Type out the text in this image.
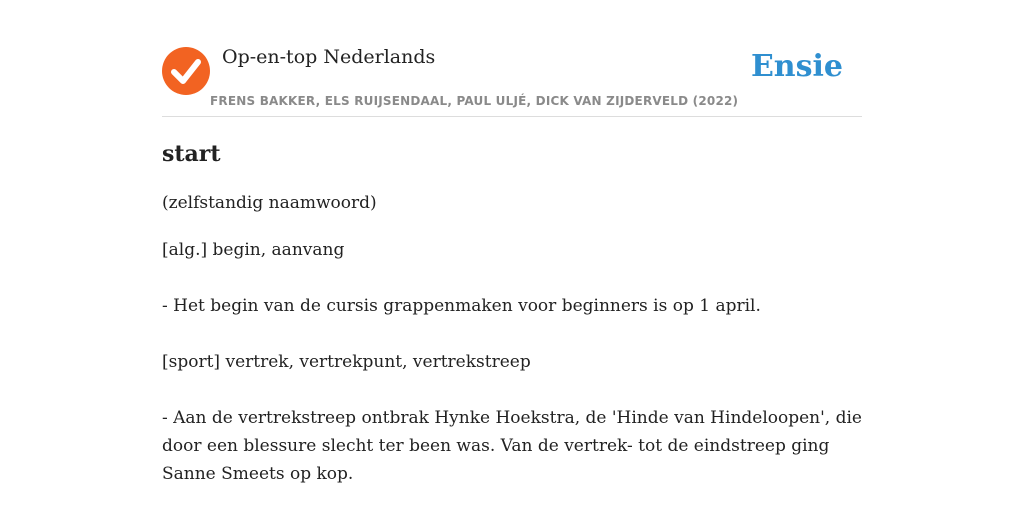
Op-en-top Nederlands
FRENS BAKKER, ELS RUIJSENDAAL, PAUL ULJÉ, DICK VAN ZIJDERVELD (2022)
Ensie
start

(zelfstandig naamwoord)

[alg.] begin, aanvang

- Het begin van de cursis grappenmaken voor beginners is op 1 april.

[sport] vertrek, vertrekpunt, vertrekstreep

- Aan de vertrekstreep ontbrak Hynke Hoekstra, de 'Hinde van Hindeloopen', die door een blessure slecht ter been was. Van de vertrek- tot de eindstreep ging Sanne Smeets op kop.
